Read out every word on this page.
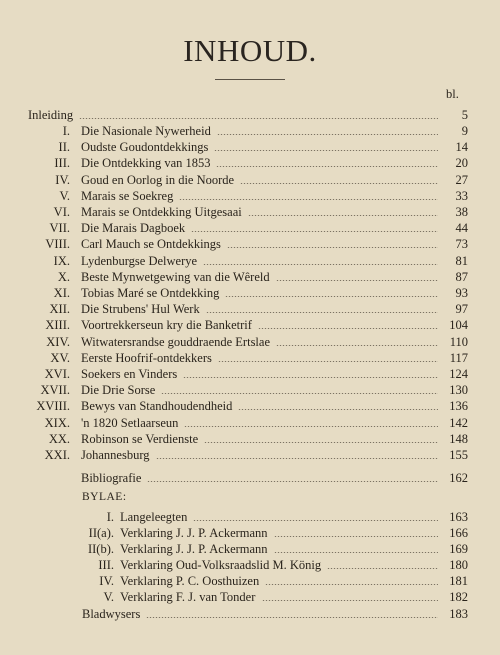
INHOUD.
bl.
Inleiding	5
I. Die Nasionale Nywerheid	9
II. Oudste Goudontdekkings	14
III. Die Ontdekking van 1853	20
IV. Goud en Oorlog in die Noorde	27
V. Marais se Soekreg	33
VI. Marais se Ontdekking Uitgesaai	38
VII. Die Marais Dagboek	44
VIII. Carl Mauch se Ontdekkings	73
IX. Lydenburgse Delwerye	81
X. Beste Mynwetgewing van die Wêreld	87
XI. Tobias Maré se Ontdekking	93
XII. Die Strubens' Hul Werk	97
XIII. Voortrekkerseun kry die Banketrif	104
XIV. Witwatersrandse gouddraende Ertslae	110
XV. Eerste Hoofrif-ontdekkers	117
XVI. Soekers en Vinders	124
XVII. Die Drie Sorse	130
XVIII. Bewys van Standhoudendheid	136
XIX. 'n 1820 Setlaarseun	142
XX. Robinson se Verdienste	148
XXI. Johannesburg	155
Bibliografie	162
I. Langeleegten	163
II(a). Verklaring J. J. P. Ackermann	166
II(b). Verklaring J. J. P. Ackermann	169
III. Verklaring Oud-Volksraadslid M. König	180
IV. Verklaring P. C. Oosthuizen	181
V. Verklaring F. J. van Tonder	182
Bladwysers	183
BYLAE:
